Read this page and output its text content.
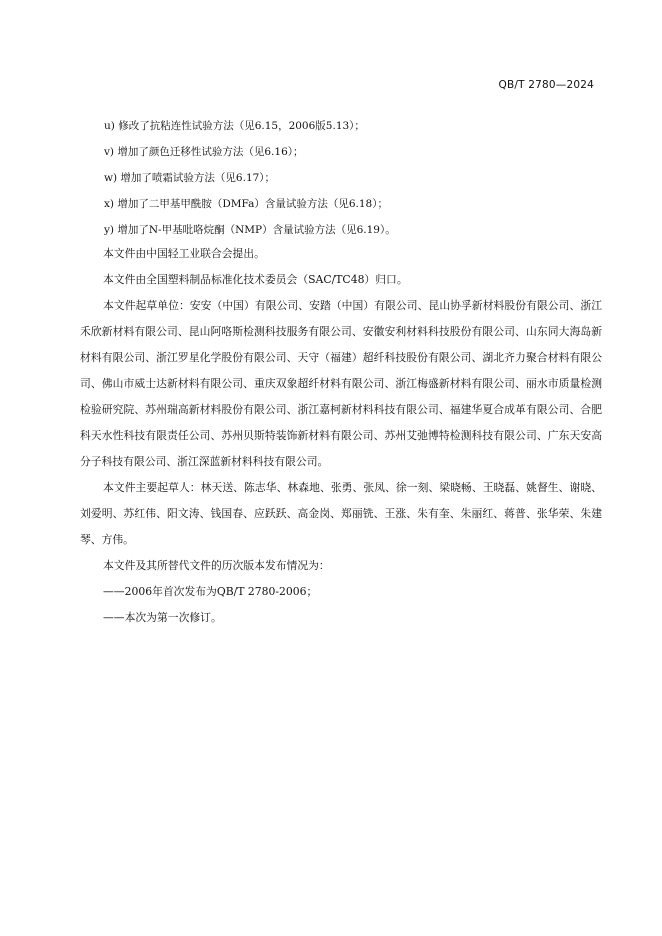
QB/T 2780—2024
u) 修改了抗粘连性试验方法（见6.15，2006版5.13）；
v) 增加了颜色迁移性试验方法（见6.16）；
w) 增加了喷霜试验方法（见6.17）；
x) 增加了二甲基甲酰胺（DMFa）含量试验方法（见6.18）；
y) 增加了N-甲基吡咯烷酮（NMP）含量试验方法（见6.19）。
本文件由中国轻工业联合会提出。
本文件由全国塑料制品标准化技术委员会（SAC/TC48）归口。

本文件起草单位：安安（中国）有限公司、安踏（中国）有限公司、昆山协孚新材料股份有限公司、浙江禾欣新材料有限公司、昆山阿咯斯检测科技服务有限公司、安徽安利材料科技股份有限公司、山东同大海岛新材料有限公司、浙江罗星化学股份有限公司、天守（福建）超纤科技股份有限公司、湖北齐力聚合材料有限公司、佛山市威士达新材料有限公司、重庆双象超纤材料有限公司、浙江梅盛新材料有限公司、丽水市质量检测检验研究院、苏州瑞高新材料股份有限公司、浙江嘉柯新材料科技有限公司、福建华夏合成革有限公司、合肥科天水性科技有限责任公司、苏州贝斯特装饰新材料有限公司、苏州艾弛博特检测科技有限公司、广东天安高分子科技有限公司、浙江深蓝新材料科技有限公司。

本文件主要起草人：林天送、陈志华、林森地、张勇、张凤、徐一刻、梁晓畅、王晓磊、姚督生、谢晓、刘爱明、苏红伟、阳文涛、钱国春、应跃跃、高金岗、郑丽铣、王涨、朱有奎、朱丽红、蒋普、张华荣、朱建琴、方伟。

本文件及其所替代文件的历次版本发布情况为：
——2006年首次发布为QB/T 2780-2006；
——本次为第一次修订。
